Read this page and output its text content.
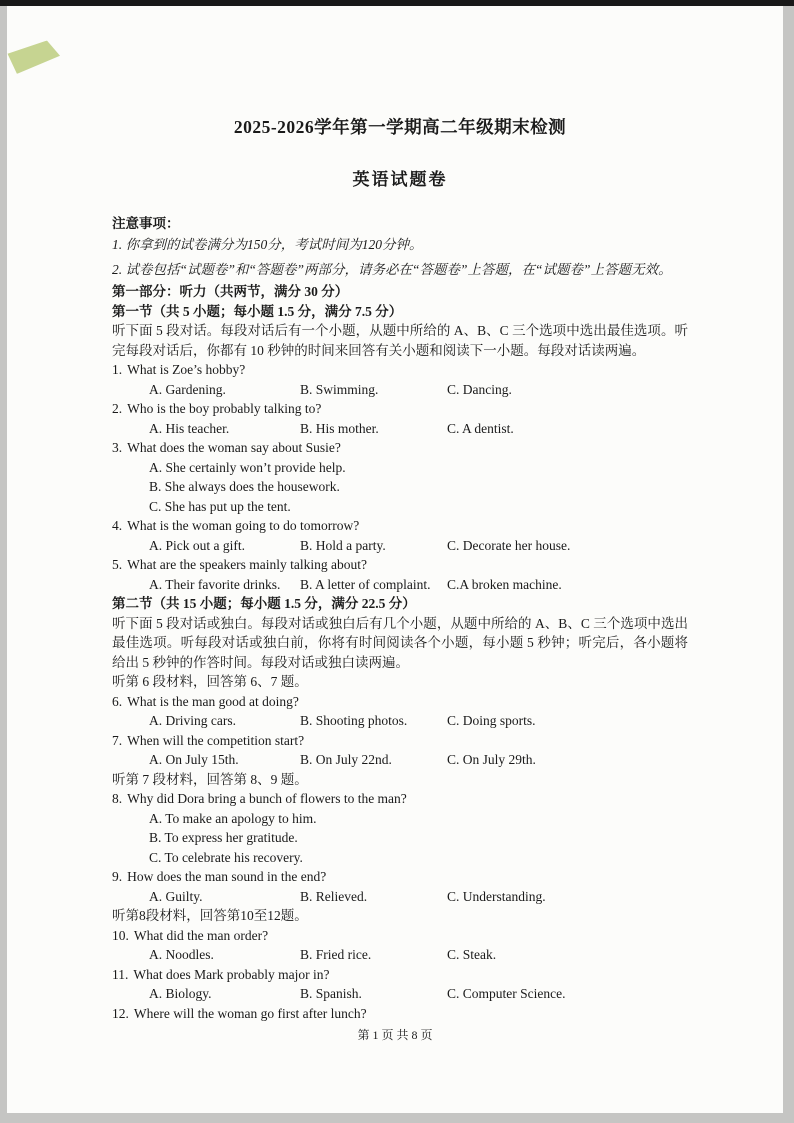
2025-2026学年第一学期高二年级期末检测
英语试题卷
注意事项：
1. 你拿到的试卷满分为150分，考试时间为120分钟。
2. 试卷包括“试题卷”和“答题卷”两部分，请务必在“答题卷”上答题，在“试题卷”上答题无效。
第一部分：听力（共两节，满分 30 分）
第一节（共 5 小题；每小题 1.5 分，满分 7.5 分）
听下面 5 段对话。每段对话后有一个小题，从题中所给的 A、B、C 三个选项中选出最佳选项。听完每段对话后，你都有 10 秒钟的时间来回答有关小题和阅读下一小题。每段对话读两遍。
1. What is Zoe’s hobby?
A. Gardening.	B. Swimming.	C. Dancing.
2. Who is the boy probably talking to?
A. His teacher.	B. His mother.	C. A dentist.
3. What does the woman say about Susie?
A. She certainly won’t provide help.
B. She always does the housework.
C. She has put up the tent.
4. What is the woman going to do tomorrow?
A. Pick out a gift.	B. Hold a party.	C. Decorate her house.
5. What are the speakers mainly talking about?
A. Their favorite drinks.	B. A letter of complaint.	C.A broken machine.
第二节（共 15 小题；每小题 1.5 分，满分 22.5 分）
听下面 5 段对话或独白。每段对话或独白后有几个小题，从题中所给的 A、B、C 三个选项中选出最佳选项。听每段对话或独白前，你将有时间阅读各个小题，每小题 5 秒钟；听完后，各小题将给出 5 秒钟的作答时间。每段对话或独白读两遍。
听第 6 段材料，回答第 6、7 题。
6. What is the man good at doing?
A. Driving cars.	B. Shooting photos.	C. Doing sports.
7. When will the competition start?
A. On July 15th.	B. On July 22nd.	C. On July 29th.
听第 7 段材料，回答第 8、9 题。
8. Why did Dora bring a bunch of flowers to the man?
A. To make an apology to him.
B. To express her gratitude.
C. To celebrate his recovery.
9. How does the man sound in the end?
A. Guilty.	B. Relieved.	C. Understanding.
听第8段材料，回答第10至12题。
10. What did the man order?
A. Noodles.	B. Fried rice.	C. Steak.
11. What does Mark probably major in?
A. Biology.	B. Spanish.	C. Computer Science.
12. Where will the woman go first after lunch?
第 1 页 共 8 页
